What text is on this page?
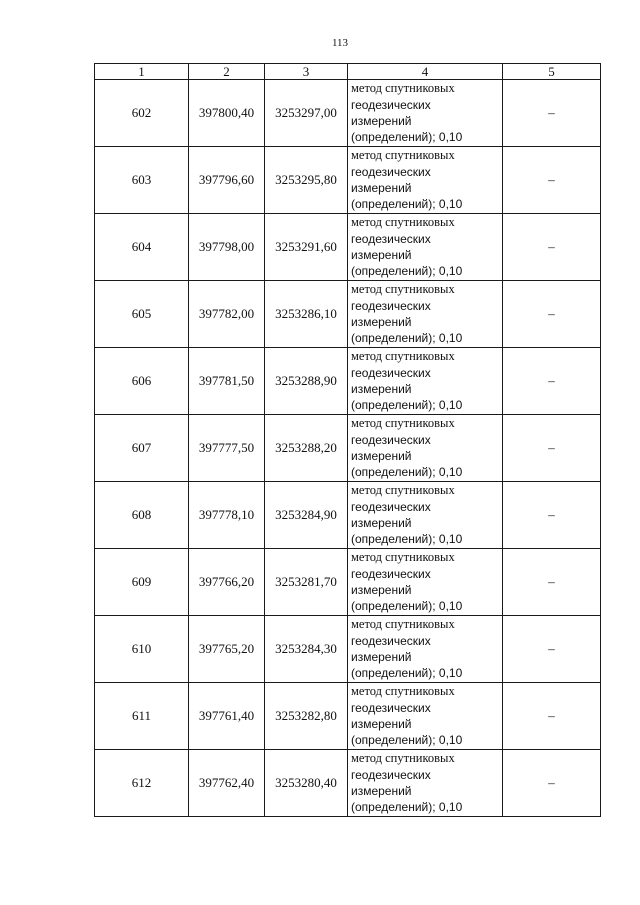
113
1	2	3	4	5
602	397800,40	3253297,00	метод спутниковых
геодезических
измерений
(определений); 0,10	–
603	397796,60	3253295,80	метод спутниковых
геодезических
измерений
(определений); 0,10	–
604	397798,00	3253291,60	метод спутниковых
геодезических
измерений
(определений); 0,10	–
605	397782,00	3253286,10	метод спутниковых
геодезических
измерений
(определений); 0,10	–
606	397781,50	3253288,90	метод спутниковых
геодезических
измерений
(определений); 0,10	–
607	397777,50	3253288,20	метод спутниковых
геодезических
измерений
(определений); 0,10	–
608	397778,10	3253284,90	метод спутниковых
геодезических
измерений
(определений); 0,10	–
609	397766,20	3253281,70	метод спутниковых
геодезических
измерений
(определений); 0,10	–
610	397765,20	3253284,30	метод спутниковых
геодезических
измерений
(определений); 0,10	–
611	397761,40	3253282,80	метод спутниковых
геодезических
измерений
(определений); 0,10	–
612	397762,40	3253280,40	метод спутниковых
геодезических
измерений
(определений); 0,10	–
